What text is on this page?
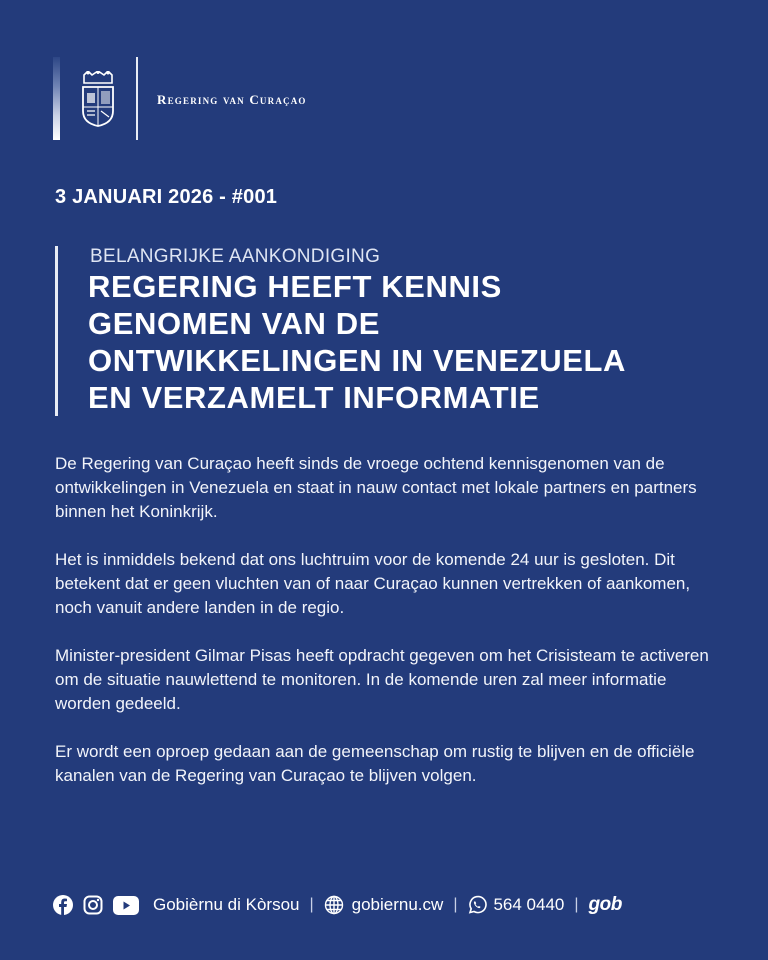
Regering van Curaçao
3 JANUARI 2026 - #001
BELANGRIJKE AANKONDIGING
REGERING HEEFT KENNIS
GENOMEN VAN DE
ONTWIKKELINGEN IN VENEZUELA
EN VERZAMELT INFORMATIE

De Regering van Curaçao heeft sinds de vroege ochtend kennisgenomen van de ontwikkelingen in Venezuela en staat in nauw contact met lokale partners en partners binnen het Koninkrijk.

Het is inmiddels bekend dat ons luchtruim voor de komende 24 uur is gesloten. Dit betekent dat er geen vluchten van of naar Curaçao kunnen vertrekken of aankomen, noch vanuit andere landen in de regio.

Minister-president Gilmar Pisas heeft opdracht gegeven om het Crisisteam te activeren om de situatie nauwlettend te monitoren. In de komende uren zal meer informatie worden gedeeld.

Er wordt een oproep gedaan aan de gemeenschap om rustig te blijven en de officiële kanalen van de Regering van Curaçao te blijven volgen.

Gobièrnu di Kòrsou | gobiernu.cw | 564 0440 | gob
